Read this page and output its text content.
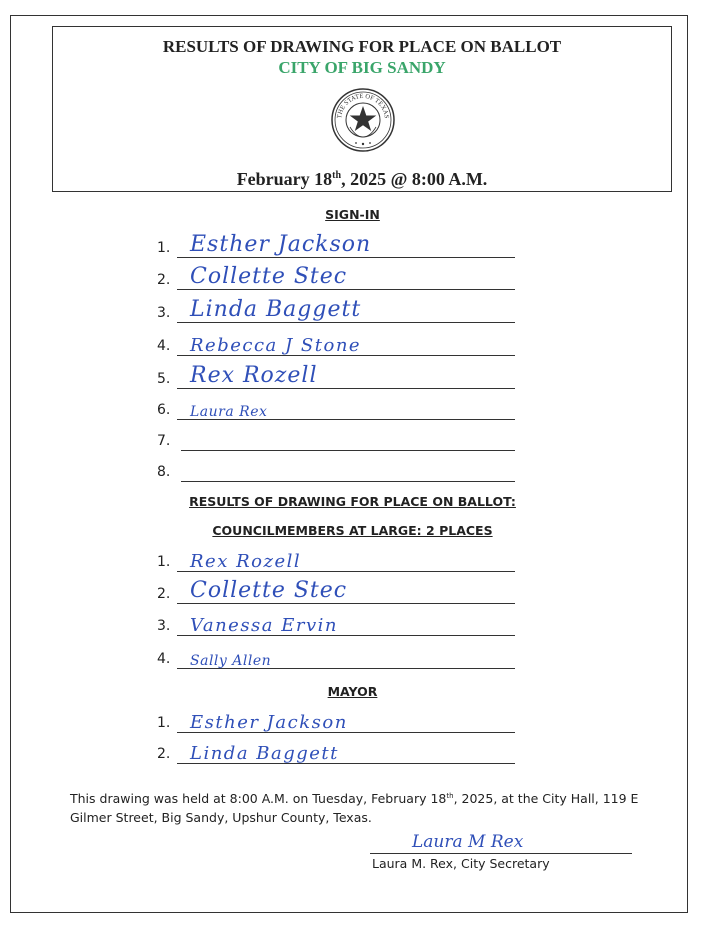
RESULTS OF DRAWING FOR PLACE ON BALLOT
CITY OF BIG SANDY
THE STATE OF TEXAS
February 18th, 2025 @ 8:00 A.M.
SIGN-IN
1. Esther Jackson
2. Collette Stec
3. Linda Baggett
4. Rebecca J Stone
5. Rex Rozell
6. Laura Rex
7.
8.
RESULTS OF DRAWING FOR PLACE ON BALLOT:
COUNCILMEMBERS AT LARGE: 2 PLACES
1. Rex Rozell
2. Collette Stec
3. Vanessa Ervin
4. Sally Allen
MAYOR
1. Esther Jackson
2. Linda Baggett
This drawing was held at 8:00 A.M. on Tuesday, February 18th, 2025, at the City Hall, 119 E Gilmer Street, Big Sandy, Upshur County, Texas.
Laura M Rex
Laura M. Rex, City Secretary
